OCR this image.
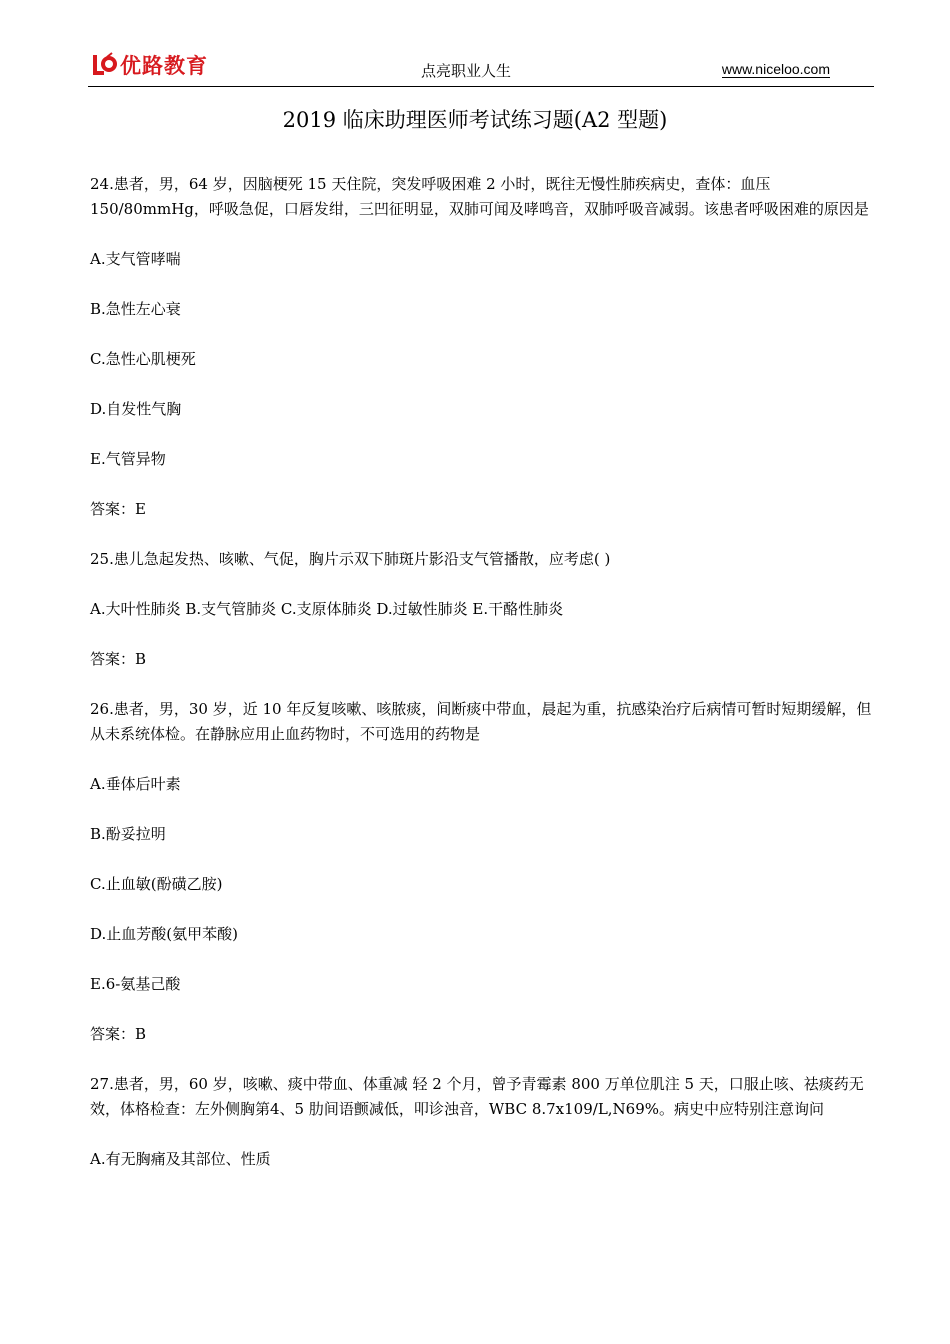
优路教育	点亮职业人生	www.niceloo.com
2019 临床助理医师考试练习题(A2 型题)

24.患者，男，64 岁，因脑梗死 15 天住院，突发呼吸困难 2 小时，既往无慢性肺疾病史，查体：血压 150/80mmHg，呼吸急促，口唇发绀，三凹征明显，双肺可闻及哮鸣音，双肺呼吸音减弱。该患者呼吸困难的原因是

A.支气管哮喘

B.急性左心衰

C.急性心肌梗死

D.自发性气胸

E.气管异物

答案：E

25.患儿急起发热、咳嗽、气促，胸片示双下肺斑片影沿支气管播散，应考虑( )

A.大叶性肺炎 B.支气管肺炎 C.支原体肺炎 D.过敏性肺炎 E.干酪性肺炎

答案：B

26.患者，男，30 岁，近 10 年反复咳嗽、咳脓痰，间断痰中带血，晨起为重，抗感染治疗后病情可暂时短期缓解，但从未系统体检。在静脉应用止血药物时，不可选用的药物是

A.垂体后叶素

B.酚妥拉明

C.止血敏(酚磺乙胺)

D.止血芳酸(氨甲苯酸)

E.6-氨基己酸

答案：B

27.患者，男，60 岁，咳嗽、痰中带血、体重减 轻 2 个月，曾予青霉素 800 万单位肌注 5 天，口服止咳、祛痰药无效，体格检查：左外侧胸第4、5 肋间语颤减低，叩诊浊音，WBC 8.7x109/L,N69%。病史中应特别注意询问

A.有无胸痛及其部位、性质
